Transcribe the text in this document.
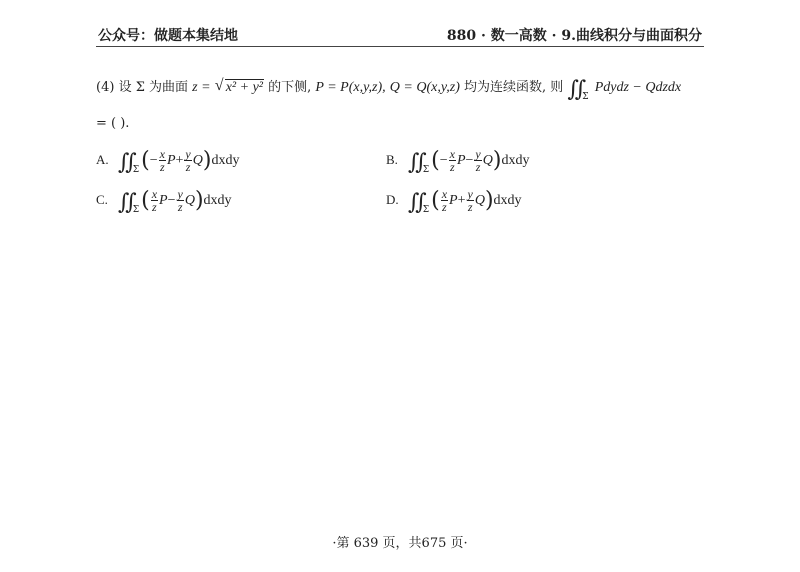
公众号：做题本集结地	880 · 数一高数 · 9.曲线积分与曲面积分
(4) 设 Σ 为曲面 z = √ x² + y² 的下侧, P = P(x,y,z), Q = Q(x,y,z) 均为连续函数, 则 ∬ $_\Sigma$ Pdydz − Qdzdx
= ( ).
A. ∬ $_\Sigma(- \frac{x}{z} P+ \frac{y}{z}$ Q)dxdy	B. ∬ $_\Sigma(- \frac{x}{z} P- \frac{y}{z}$ Q)dxdy
C. ∬ $_\Sigma( \frac{x}{z} P- \frac{y}{z}$ Q)dxdy	D. ∬ $_\Sigma( \frac{x}{z} P+ \frac{y}{z}$ Q)dxdy
·第 639 页，共675 页·
